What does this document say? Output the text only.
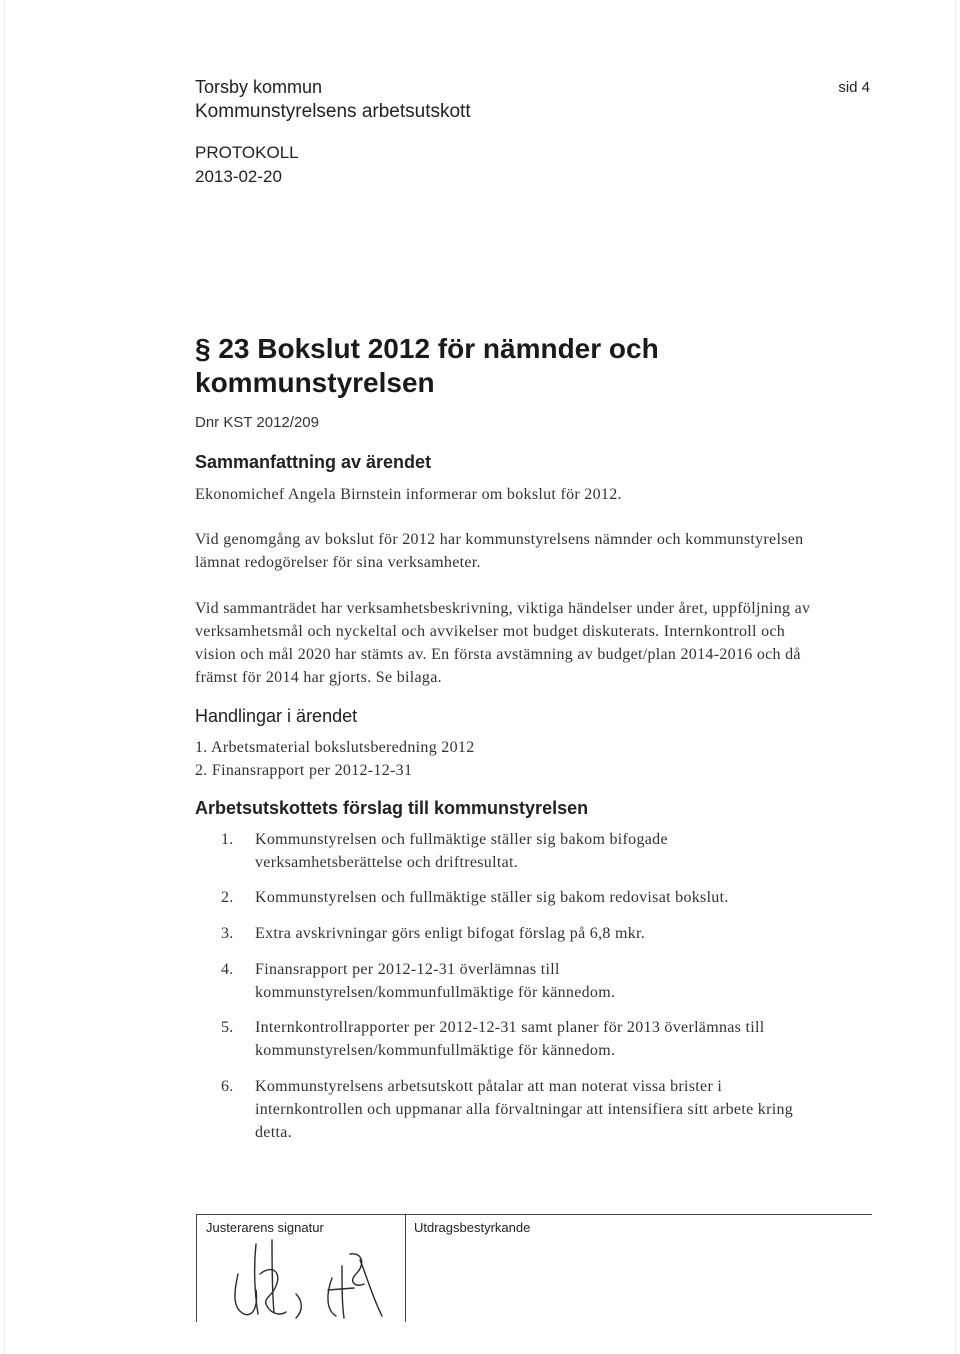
Torsby kommun
Kommunstyrelsens arbetsutskott
PROTOKOLL
2013-02-20
sid 4
§ 23 Bokslut 2012 för nämnder och kommunstyrelsen
Dnr KST 2012/209
Sammanfattning av ärendet
Ekonomichef Angela Birnstein informerar om bokslut för 2012.
Vid genomgång av bokslut för 2012 har kommunstyrelsens nämnder och kommunstyrelsen lämnat redogörelser för sina verksamheter.
Vid sammanträdet har verksamhetsbeskrivning, viktiga händelser under året, uppföljning av verksamhetsmål och nyckeltal och avvikelser mot budget diskuterats. Internkontroll och vision och mål 2020 har stämts av. En första avstämning av budget/plan 2014-2016 och då främst för 2014 har gjorts. Se bilaga.
Handlingar i ärendet
1. Arbetsmaterial bokslutsberedning 2012
2. Finansrapport per 2012-12-31
Arbetsutskottets förslag till kommunstyrelsen
1. Kommunstyrelsen och fullmäktige ställer sig bakom bifogade verksamhetsberättelse och driftresultat.
2. Kommunstyrelsen och fullmäktige ställer sig bakom redovisat bokslut.
3. Extra avskrivningar görs enligt bifogat förslag på 6,8 mkr.
4. Finansrapport per 2012-12-31 överlämnas till kommunstyrelsen/kommunfullmäktige för kännedom.
5. Internkontrollrapporter per 2012-12-31 samt planer för 2013 överlämnas till kommunstyrelsen/kommunfullmäktige för kännedom.
6. Kommunstyrelsens arbetsutskott påtalar att man noterat vissa brister i internkontrollen och uppmanar alla förvaltningar att intensifiera sitt arbete kring detta.
Justerarens signatur	Utdragsbestyrkande
